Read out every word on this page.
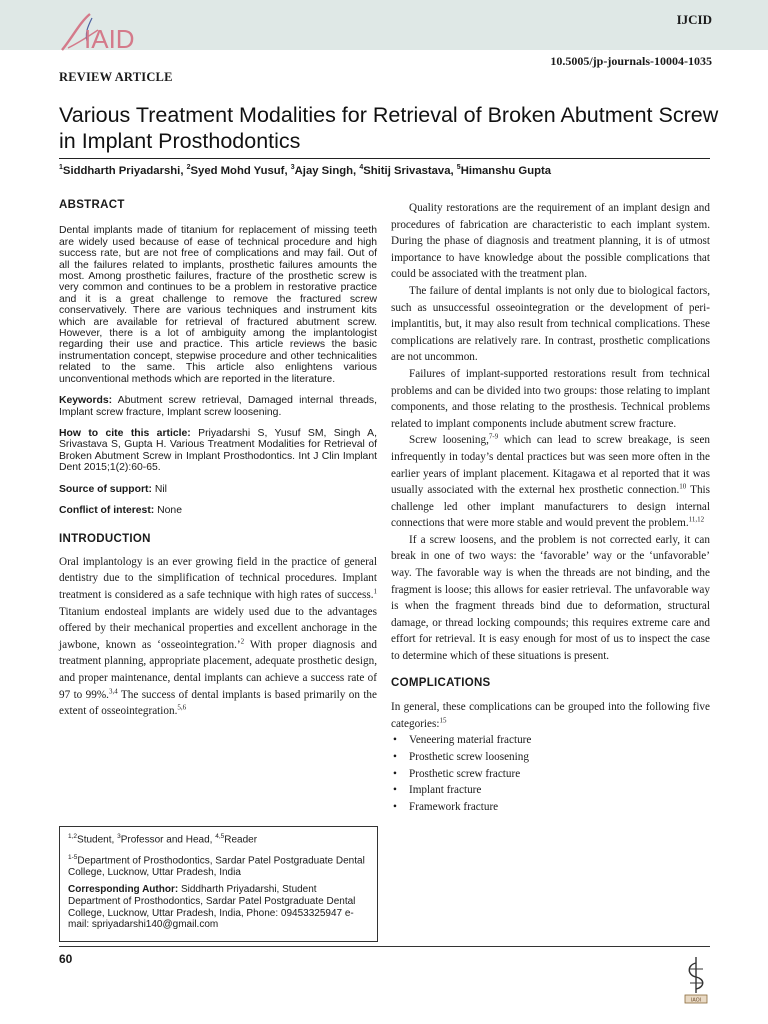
IAID
IJCID
10.5005/jp-journals-10004-1035
REVIEW ARTICLE
Various Treatment Modalities for Retrieval of Broken Abutment Screw in Implant Prosthodontics
$^1$Siddharth Priyadarshi, $^2$Syed Mohd Yusuf, $^3$Ajay Singh, $^4$Shitij Srivastava, $^5$Himanshu Gupta

ABSTRACT

Dental implants made of titanium for replacement of missing teeth are widely used because of ease of technical procedure and high success rate, but are not free of complications and may fail. Out of all the failures related to implants, prosthetic failures amounts the most. Among prosthetic failures, fracture of the prosthetic screw is very common and continues to be a problem in restorative practice and it is a great challenge to remove the fractured screw conservatively. There are various techniques and instrument kits which are available for retrieval of fractured abutment screw. However, there is a lot of ambiguity among the implantologist regarding their use and practice. This article reviews the basic instrumentation concept, stepwise procedure and other technicalities related to the same. This article also enlightens various unconventional methods which are reported in the literature.

Keywords: Abutment screw retrieval, Damaged internal threads, Implant screw fracture, Implant screw loosening.

How to cite this article: Priyadarshi S, Yusuf SM, Singh A, Srivastava S, Gupta H. Various Treatment Modalities for Retrieval of Broken Abutment Screw in Implant Prosthodontics. Int J Clin Implant Dent 2015;1(2):60-65.

Source of support: Nil

Conflict of interest: None

INTRODUCTION

Oral implantology is an ever growing field in the practice of general dentistry due to the simplification of technical procedures. Implant treatment is considered as a safe technique with high rates of success.$^1$ Titanium endosteal implants are widely used due to the advantages offered by their mechanical properties and excellent anchorage in the jawbone, known as ‘osseointegration.’$^2$ With proper diagnosis and treatment planning, appropriate placement, adequate prosthetic design, and proper maintenance, dental implants can achieve a success rate of 97 to 99%.$^{3,4}$ The success of dental implants is based primarily on the extent of osseointegration.$^{5,6}$

$^{1,2}$Student, $^3$Professor and Head, $^{4,5}$Reader

$^{1-5}$Department of Prosthodontics, Sardar Patel Postgraduate Dental College, Lucknow, Uttar Pradesh, India

Corresponding Author: Siddharth Priyadarshi, Student Department of Prosthodontics, Sardar Patel Postgraduate Dental College, Lucknow, Uttar Pradesh, India, Phone: 09453325947 e-mail: spriyadarshi140@gmail.com

Quality restorations are the requirement of an implant design and procedures of fabrication are characteristic to each implant system. During the phase of diagnosis and treatment planning, it is of utmost importance to have knowledge about the possible complications that could be associated with the treatment plan.

The failure of dental implants is not only due to biological factors, such as unsuccessful osseointegration or the development of peri-implantitis, but, it may also result from technical complications. These complications are relatively rare. In contrast, prosthetic complications are not uncommon.

Failures of implant-supported restorations result from technical problems and can be divided into two groups: those relating to implant components, and those relating to the prosthesis. Technical problems related to implant components include abutment screw fracture.

Screw loosening,$^{7-9}$ which can lead to screw breakage, is seen infrequently in today’s dental practices but was seen more often in the earlier years of implant placement. Kitagawa et al reported that it was usually associated with the external hex prosthetic connection.$^{10}$ This challenge led other implant manufacturers to design internal connections that were more stable and would prevent the problem.$^{11,12}$

If a screw loosens, and the problem is not corrected early, it can break in one of two ways: the ‘favorable’ way or the ‘unfavorable’ way. The favorable way is when the threads are not binding, and the fragment is loose; this allows for easier retrieval. The unfavorable way is when the fragment threads bind due to deformation, structural damage, or thread locking compounds; this requires extreme care and effort for retrieval. It is easy enough for most of us to inspect the case to determine which of these situations is present.

COMPLICATIONS

In general, these complications can be grouped into the following five categories:$^{15}$

• Veneering material fracture
• Prosthetic screw loosening
• Prosthetic screw fracture
• Implant fracture
• Framework fracture
60
IAOI
